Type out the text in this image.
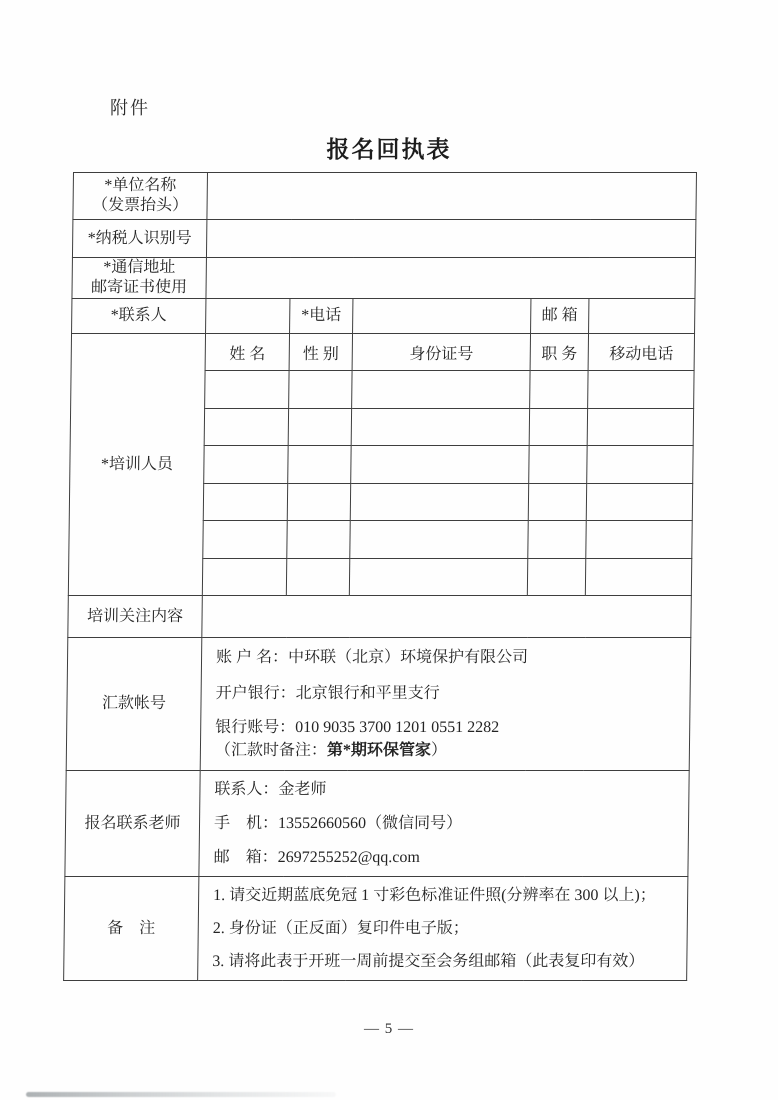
附件
报名回执表
*单位名称
（发票抬头）					

*纳税人识别号					

*通信地址
邮寄证书使用					

*联系人		*电话		邮 箱	
*培训人员	姓 名	性 别	身份证号	职 务	移动电话

培训关注内容					
汇款帐号	账 户 名：中环联（北京）环境保护有限公司
开户银行：北京银行和平里支行
银行账号：010 9035 3700 1201 0551 2282
（汇款时备注：第*期环保管家）				

报名联系老师	联系人：金老师
手　机：13552660560（微信同号）
邮　箱：2697255252@qq.com				

备　注	1. 请交近期蓝底免冠 1 寸彩色标准证件照(分辨率在 300 以上)；
2. 身份证（正反面）复印件电子版；
3. 请将此表于开班一周前提交至会务组邮箱（此表复印有效）				
— 5 —
